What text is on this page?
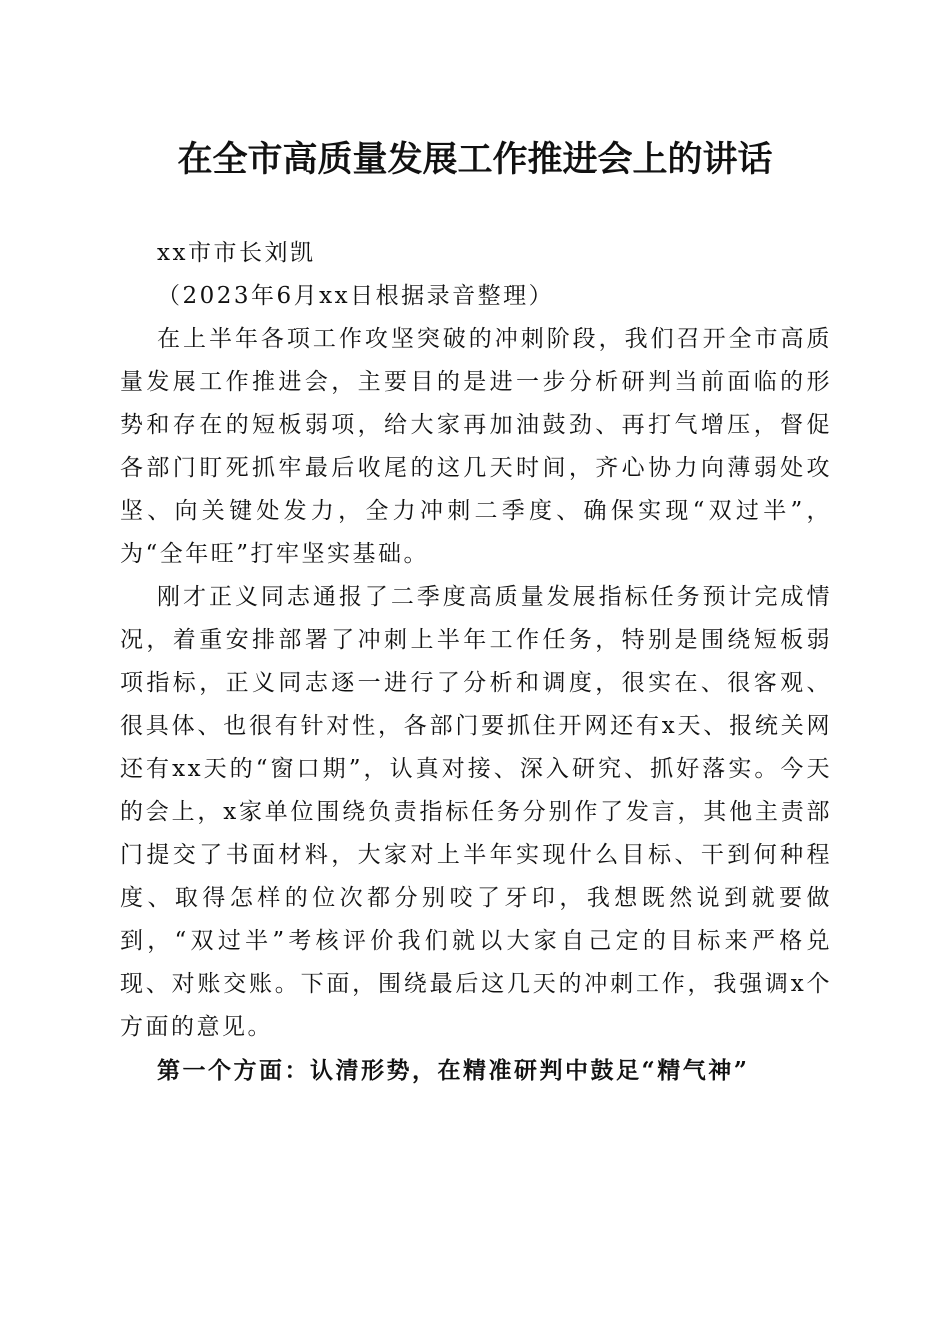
在全市高质量发展工作推进会上的讲话

xx市市长刘凯

（2023年6月xx日根据录音整理）

在上半年各项工作攻坚突破的冲刺阶段，我们召开全市高质量发展工作推进会，主要目的是进一步分析研判当前面临的形势和存在的短板弱项，给大家再加油鼓劲、再打气增压，督促各部门盯死抓牢最后收尾的这几天时间，齐心协力向薄弱处攻坚、向关键处发力，全力冲刺二季度、确保实现“双过半”，为“全年旺”打牢坚实基础。

刚才正义同志通报了二季度高质量发展指标任务预计完成情况，着重安排部署了冲刺上半年工作任务，特别是围绕短板弱项指标，正义同志逐一进行了分析和调度，很实在、很客观、很具体、也很有针对性，各部门要抓住开网还有x天、报统关网还有xx天的“窗口期”，认真对接、深入研究、抓好落实。今天的会上，x家单位围绕负责指标任务分别作了发言，其他主责部门提交了书面材料，大家对上半年实现什么目标、干到何种程度、取得怎样的位次都分别咬了牙印，我想既然说到就要做到，“双过半”考核评价我们就以大家自己定的目标来严格兑现、对账交账。下面，围绕最后这几天的冲刺工作，我强调x个方面的意见。

第一个方面：认清形势，在精准研判中鼓足“精气神”
